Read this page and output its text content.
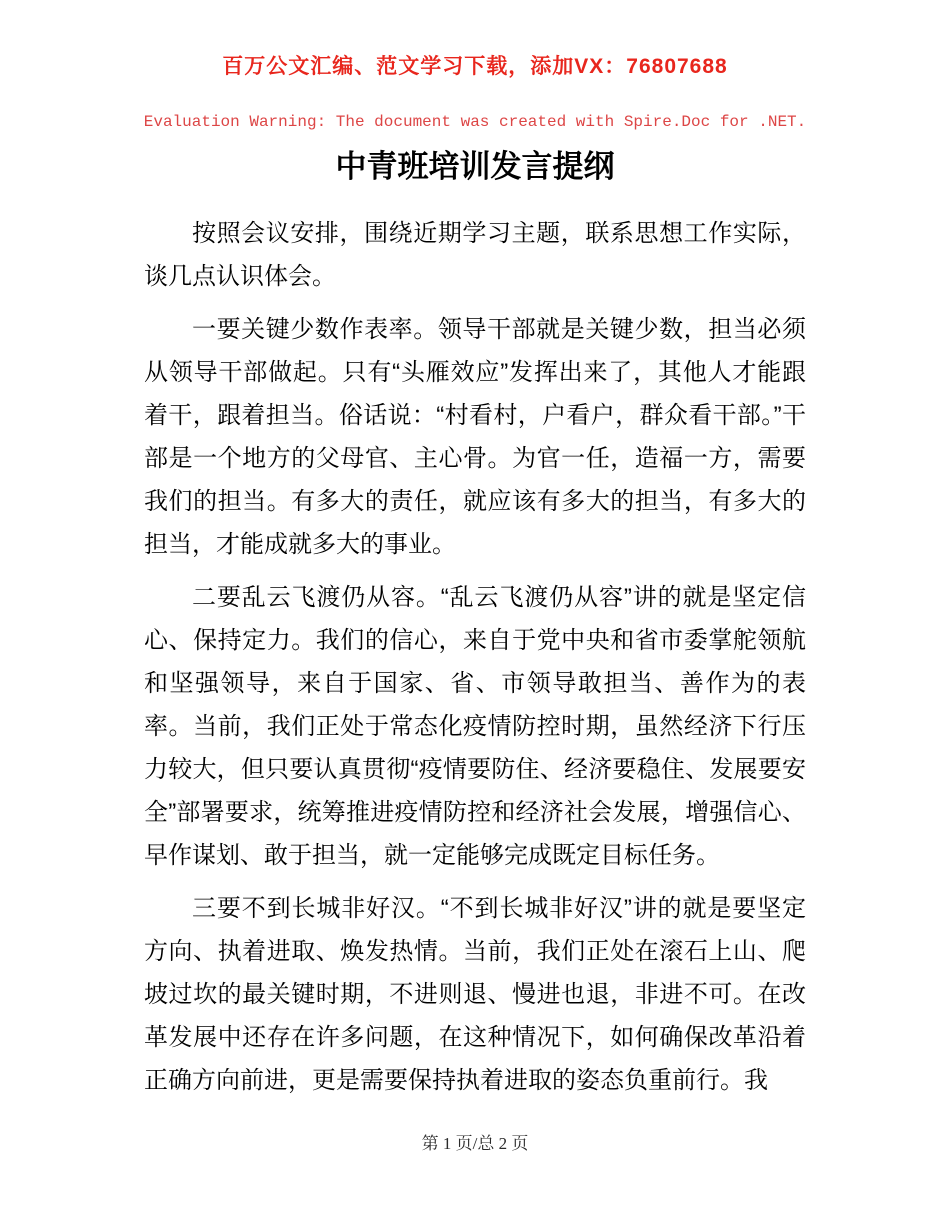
百万公文汇编、范文学习下载，添加VX：76807688
Evaluation Warning: The document was created with Spire.Doc for .NET.
中青班培训发言提纲

按照会议安排，围绕近期学习主题，联系思想工作实际，谈几点认识体会。

一要关键少数作表率。领导干部就是关键少数，担当必须从领导干部做起。只有“头雁效应”发挥出来了，其他人才能跟着干，跟着担当。俗话说：“村看村，户看户，群众看干部。”干部是一个地方的父母官、主心骨。为官一任，造福一方，需要我们的担当。有多大的责任，就应该有多大的担当，有多大的担当，才能成就多大的事业。

二要乱云飞渡仍从容。“乱云飞渡仍从容”讲的就是坚定信心、保持定力。我们的信心，来自于党中央和省市委掌舵领航和坚强领导，来自于国家、省、市领导敢担当、善作为的表率。当前，我们正处于常态化疫情防控时期，虽然经济下行压力较大，但只要认真贯彻“疫情要防住、经济要稳住、发展要安全”部署要求，统筹推进疫情防控和经济社会发展，增强信心、早作谋划、敢于担当，就一定能够完成既定目标任务。

三要不到长城非好汉。“不到长城非好汉”讲的就是要坚定方向、执着进取、焕发热情。当前，我们正处在滚石上山、爬坡过坎的最关键时期，不进则退、慢进也退，非进不可。在改革发展中还存在许多问题，在这种情况下，如何确保改革沿着正确方向前进，更是需要保持执着进取的姿态负重前行。我

第 1 页/总 2 页
